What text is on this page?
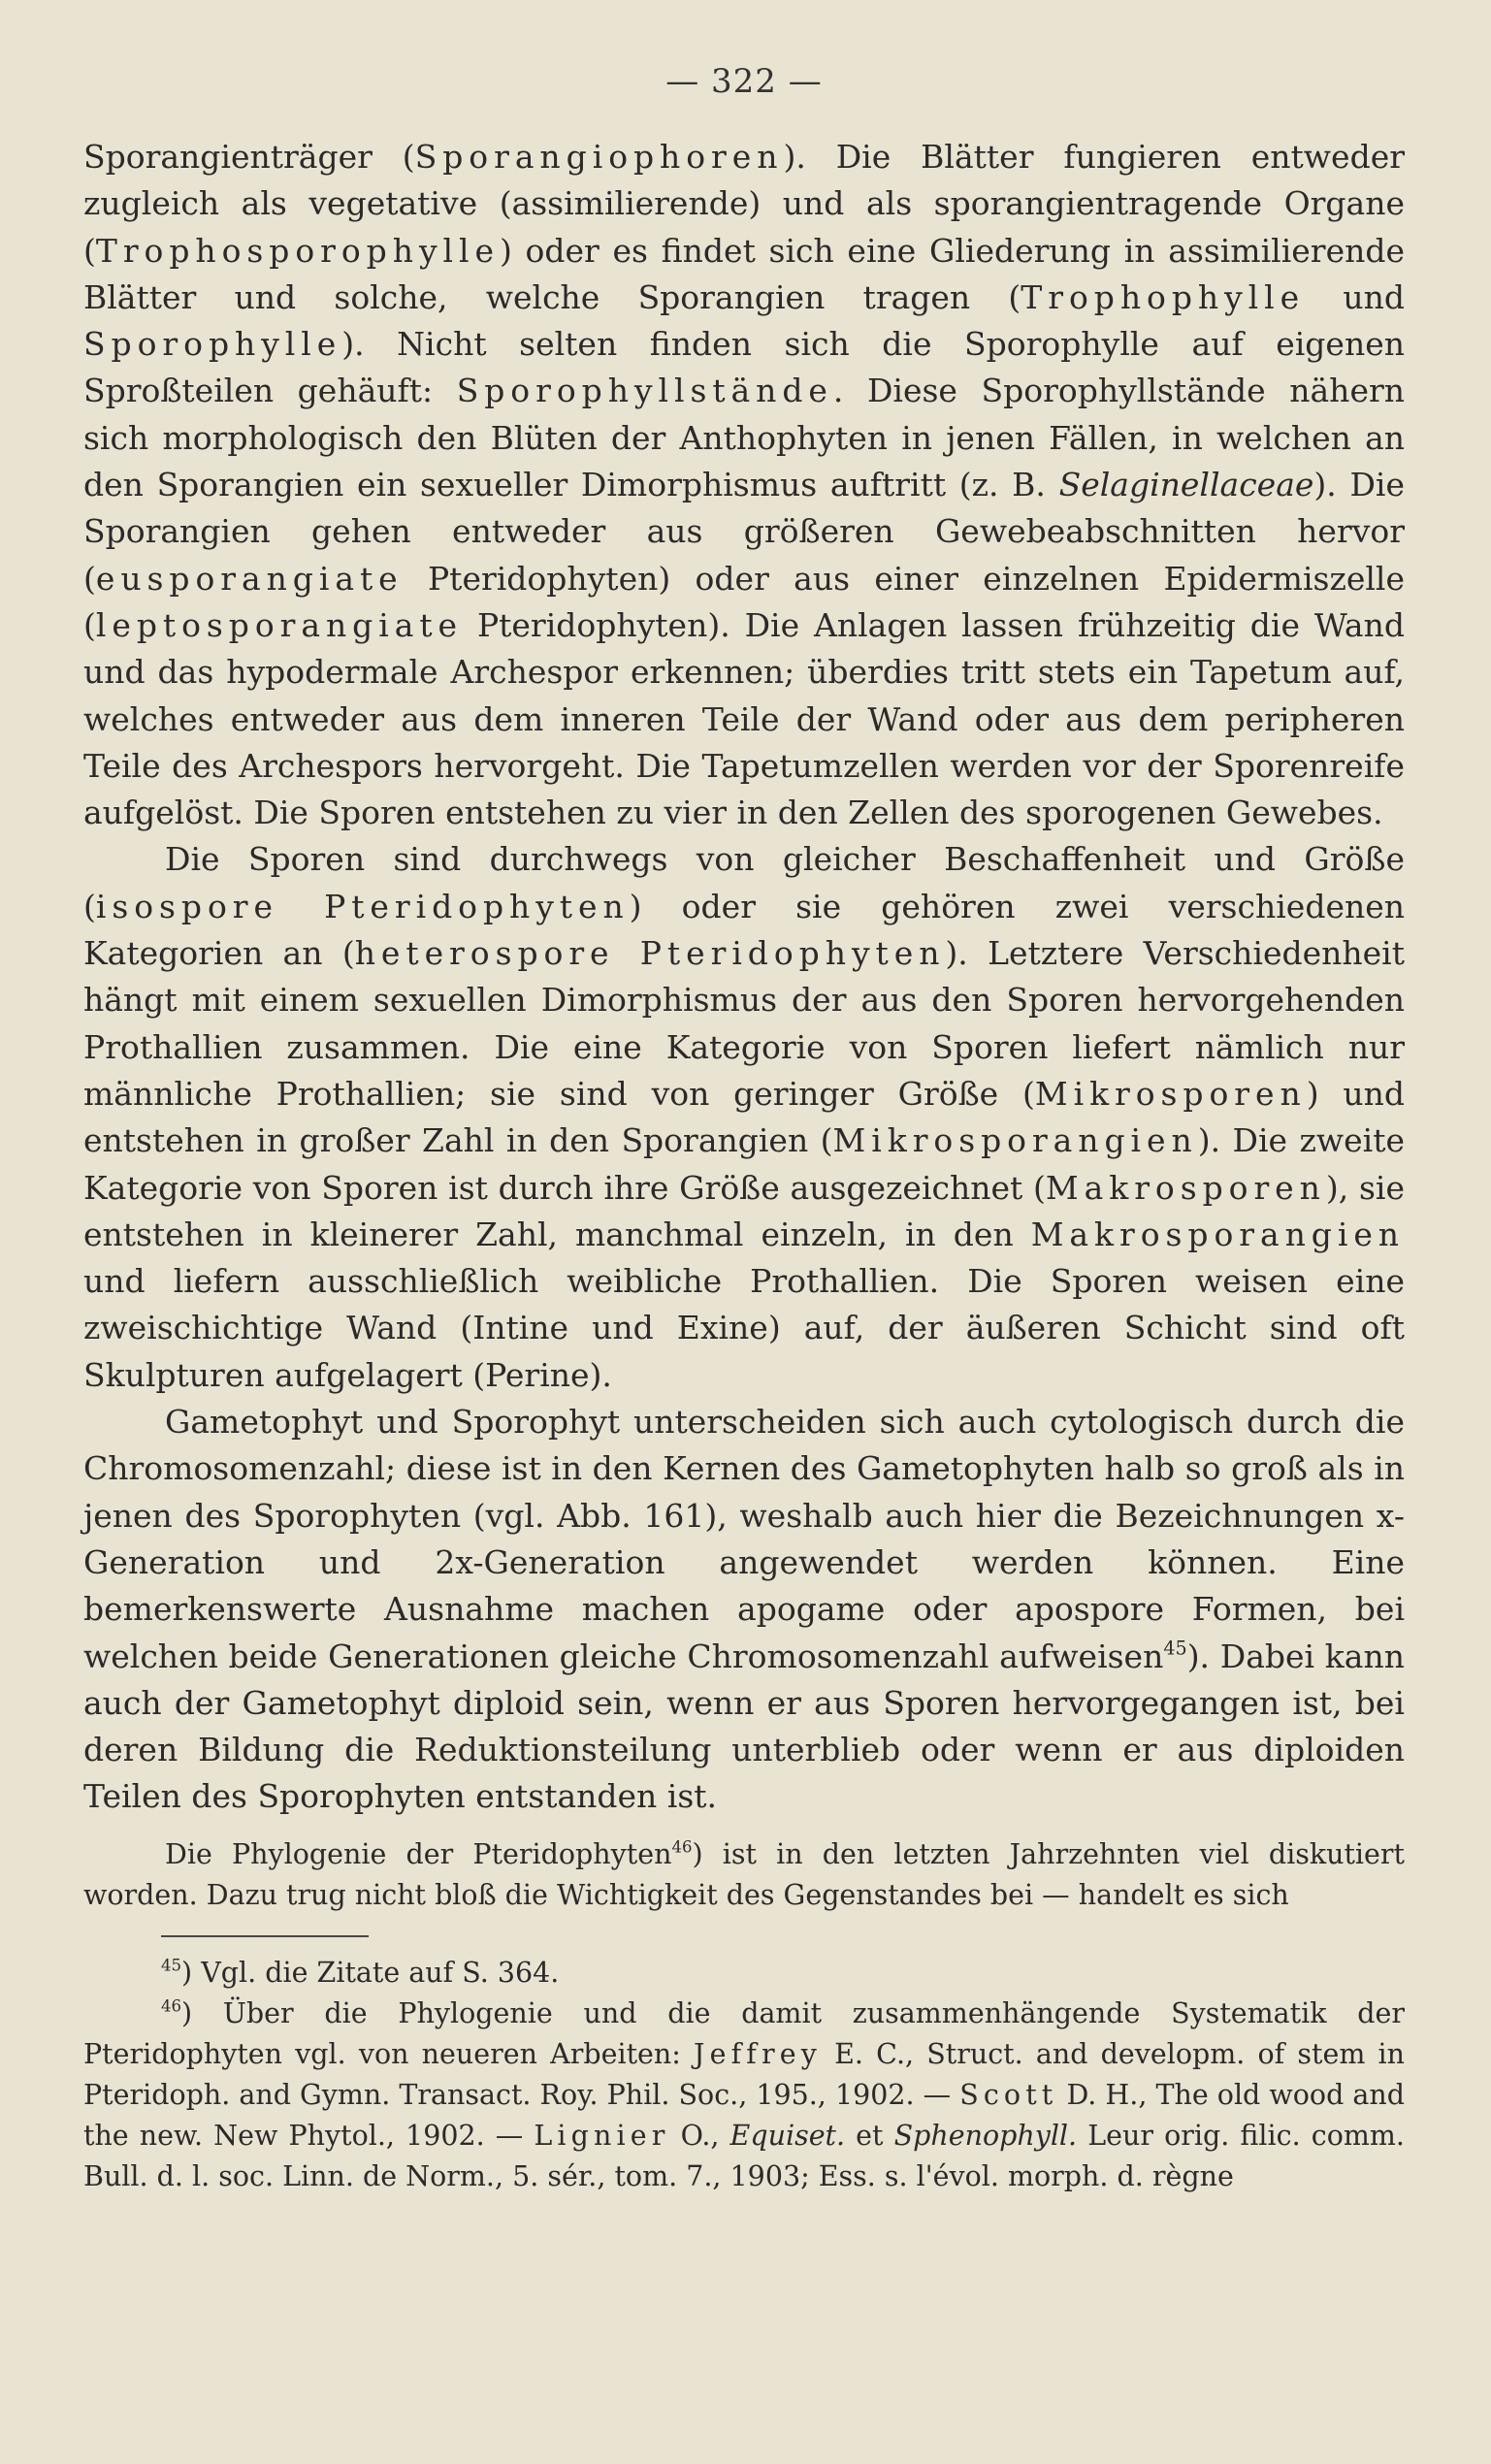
— 322 —

Sporangienträger (Sporangiophoren). Die Blätter fungieren entweder zugleich als vegetative (assimilierende) und als sporangientragende Organe (Trophosporophylle) oder es findet sich eine Gliederung in assimilierende Blätter und solche, welche Sporangien tragen (Trophophylle und Sporophylle). Nicht selten finden sich die Sporophylle auf eigenen Sproßteilen gehäuft: Sporophyllstände. Diese Sporophyllstände nähern sich morphologisch den Blüten der Anthophyten in jenen Fällen, in welchen an den Sporangien ein sexueller Dimorphismus auftritt (z. B. Selaginellaceae). Die Sporangien gehen entweder aus größeren Gewebeabschnitten hervor (eusporangiate Pteridophyten) oder aus einer einzelnen Epidermiszelle (leptosporangiate Pteridophyten). Die Anlagen lassen frühzeitig die Wand und das hypodermale Archespor erkennen; überdies tritt stets ein Tapetum auf, welches entweder aus dem inneren Teile der Wand oder aus dem peripheren Teile des Archespors hervorgeht. Die Tapetumzellen werden vor der Sporenreife aufgelöst. Die Sporen entstehen zu vier in den Zellen des sporogenen Gewebes.

Die Sporen sind durchwegs von gleicher Beschaffenheit und Größe (isospore Pteridophyten) oder sie gehören zwei verschiedenen Kategorien an (heterospore Pteridophyten). Letztere Verschiedenheit hängt mit einem sexuellen Dimorphismus der aus den Sporen hervorgehenden Prothallien zusammen. Die eine Kategorie von Sporen liefert nämlich nur männliche Prothallien; sie sind von geringer Größe (Mikrosporen) und entstehen in großer Zahl in den Sporangien (Mikrosporangien). Die zweite Kategorie von Sporen ist durch ihre Größe ausgezeichnet (Makrosporen), sie entstehen in kleinerer Zahl, manchmal einzeln, in den Makrosporangien und liefern ausschließlich weibliche Prothallien. Die Sporen weisen eine zweischichtige Wand (Intine und Exine) auf, der äußeren Schicht sind oft Skulpturen aufgelagert (Perine).

Gametophyt und Sporophyt unterscheiden sich auch cytologisch durch die Chromosomenzahl; diese ist in den Kernen des Gametophyten halb so groß als in jenen des Sporophyten (vgl. Abb. 161), weshalb auch hier die Bezeichnungen x-Generation und 2x-Generation angewendet werden können. Eine bemerkenswerte Ausnahme machen apogame oder apospore Formen, bei welchen beide Generationen gleiche Chromosomenzahl aufweisen$^{45}$). Dabei kann auch der Gametophyt diploid sein, wenn er aus Sporen hervorgegangen ist, bei deren Bildung die Reduktionsteilung unterblieb oder wenn er aus diploiden Teilen des Sporophyten entstanden ist.

Die Phylogenie der Pteridophyten$^{46}$) ist in den letzten Jahrzehnten viel diskutiert worden. Dazu trug nicht bloß die Wichtigkeit des Gegenstandes bei — handelt es sich

$^{45}$) Vgl. die Zitate auf S. 364.

$^{46}$) Über die Phylogenie und die damit zusammenhängende Systematik der Pteridophyten vgl. von neueren Arbeiten: Jeffrey E. C., Struct. and developm. of stem in Pteridoph. and Gymn. Transact. Roy. Phil. Soc., 195., 1902. — Scott D. H., The old wood and the new. New Phytol., 1902. — Lignier O., Equiset. et Sphenophyll. Leur orig. filic. comm. Bull. d. l. soc. Linn. de Norm., 5. sér., tom. 7., 1903; Ess. s. l'évol. morph. d. règne
